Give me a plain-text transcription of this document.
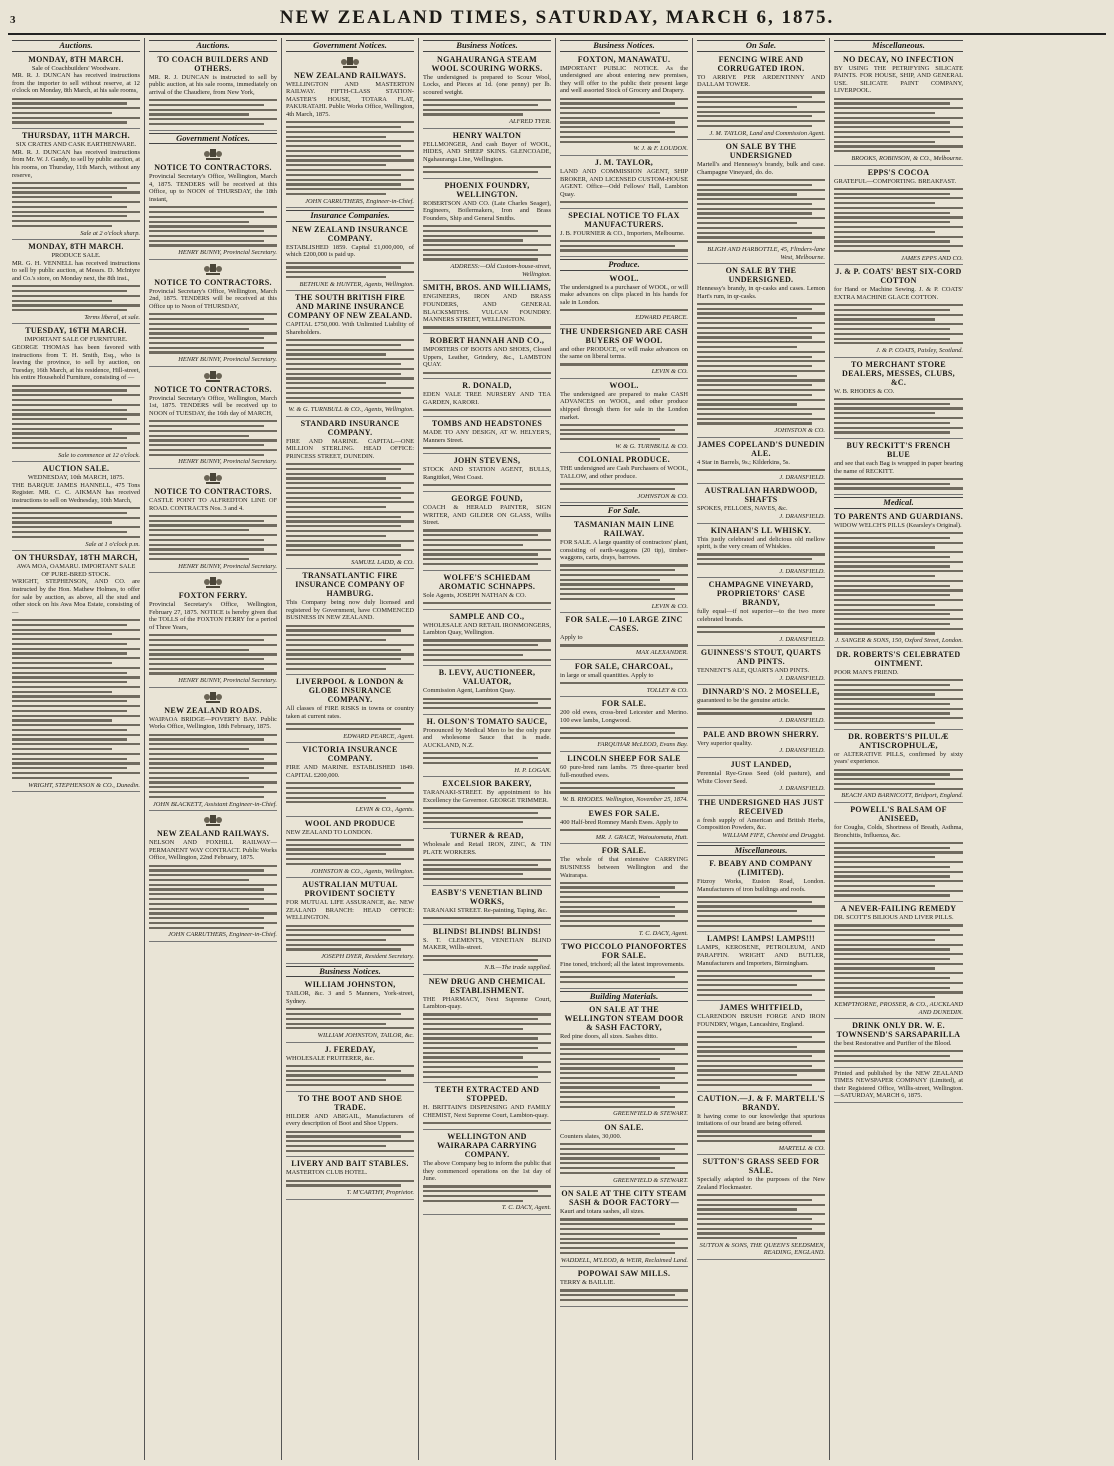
3	NEW ZEALAND TIMES, SATURDAY, MARCH 6, 1875.
Auctions.
MONDAY, 8TH MARCH.
Sale of Coachbuilders' Woodware.
MR. R. J. DUNCAN has received instructions from the importer to sell without reserve, at 12 o'clock on Monday, 8th March, at his sale rooms,
THURSDAY, 11TH MARCH.
SIX CRATES AND CASK EARTHENWARE.
MR. R. J. DUNCAN has received instructions from Mr. W. J. Gandy, to sell by public auction, at his rooms, on Thursday, 11th March, without any reserve,
Sale at 2 o'clock sharp.
MONDAY, 8TH MARCH.
PRODUCE SALE.
MR. G. H. VENNELL has received instructions to sell by public auction, at Messrs. D. McIntyre and Co.'s store, on Monday next, the 8th inst.,
Terms liberal, at sale.
TUESDAY, 16TH MARCH.
IMPORTANT SALE OF FURNITURE.
GEORGE THOMAS has been favored with instructions from T. H. Smith, Esq., who is leaving the province, to sell by auction, on Tuesday, 16th March, at his residence, Hill-street, his entire Household Furniture, consisting of —
Sale to commence at 12 o'clock.
AUCTION SALE.
WEDNESDAY, 10th MARCH, 1875.
THE BARQUE JAMES HANNELL, 475 Tons Register. MR. C. C. AIKMAN has received instructions to sell on Wednesday, 10th March,
Sale at 1 o'clock p.m.
ON THURSDAY, 18TH MARCH,
AWA MOA, OAMARU. IMPORTANT SALE OF PURE-BRED STOCK.
WRIGHT, STEPHENSON, AND CO. are instructed by the Hon. Mathew Holmes, to offer for sale by auction, as above, all the stud and other stock on his Awa Moa Estate, consisting of —
WRIGHT, STEPHENSON & CO., Dunedin.
Auctions.
TO COACH BUILDERS AND OTHERS.
MR. R. J. DUNCAN is instructed to sell by public auction, at his sale rooms, immediately on arrival of the Chaudiere, from New York,
Government Notices.
NOTICE TO CONTRACTORS.
Provincial Secretary's Office, Wellington, March 4, 1875. TENDERS will be received at this Office, up to NOON of THURSDAY, the 18th instant,
HENRY BUNNY, Provincial Secretary.
NOTICE TO CONTRACTORS.
Provincial Secretary's Office, Wellington, March 2nd, 1875. TENDERS will be received at this Office up to Noon of THURSDAY,
HENRY BUNNY, Provincial Secretary.
NOTICE TO CONTRACTORS.
Provincial Secretary's Office, Wellington, March 1st, 1875. TENDERS will be received up to NOON of TUESDAY, the 16th day of MARCH,
HENRY BUNNY, Provincial Secretary.
NOTICE TO CONTRACTORS.
CASTLE POINT TO ALFREDTON LINE OF ROAD. CONTRACTS Nos. 3 and 4.
HENRY BUNNY, Provincial Secretary.
FOXTON FERRY.
Provincial Secretary's Office, Wellington, February 27, 1875. NOTICE is hereby given that the TOLLS of the FOXTON FERRY for a period of Three Years,
HENRY BUNNY, Provincial Secretary.
NEW ZEALAND ROADS.
WAIPAOA BRIDGE—POVERTY BAY. Public Works Office, Wellington, 18th February, 1875.
JOHN BLACKETT, Assistant Engineer-in-Chief.
NEW ZEALAND RAILWAYS.
NELSON AND FOXHILL RAILWAY—PERMANENT WAY CONTRACT. Public Works Office, Wellington, 22nd February, 1875.
JOHN CARRUTHERS, Engineer-in-Chief.
Government Notices.
NEW ZEALAND RAILWAYS.
WELLINGTON AND MASTERTON RAILWAY. FIFTH-CLASS STATION-MASTER'S HOUSE, TOTARA FLAT, PAKURATAHI. Public Works Office, Wellington, 4th March, 1875.
JOHN CARRUTHERS, Engineer-in-Chief.
Insurance Companies.
NEW ZEALAND INSURANCE COMPANY.
ESTABLISHED 1859. Capital £1,000,000, of which £200,000 is paid up.
BETHUNE & HUNTER, Agents, Wellington.
THE SOUTH BRITISH FIRE AND MARINE INSURANCE COMPANY OF NEW ZEALAND.
CAPITAL £750,000. With Unlimited Liability of Shareholders.
W. & G. TURNBULL & CO., Agents, Wellington.
STANDARD INSURANCE COMPANY.
FIRE AND MARINE. CAPITAL—ONE MILLION STERLING. HEAD OFFICE: PRINCESS STREET, DUNEDIN.
SAMUEL LADD, & CO.
TRANSATLANTIC FIRE INSURANCE COMPANY OF HAMBURG.
This Company being now duly licensed and registered by Government, have COMMENCED BUSINESS IN NEW ZEALAND.
LIVERPOOL & LONDON & GLOBE INSURANCE COMPANY.
All classes of FIRE RISKS in towns or country taken at current rates.
EDWARD PEARCE, Agent.
VICTORIA INSURANCE COMPANY.
FIRE AND MARINE. ESTABLISHED 1849. CAPITAL £200,000.
LEVIN & CO., Agents.
WOOL AND PRODUCE
NEW ZEALAND TO LONDON.
JOHNSTON & CO., Agents, Wellington.
AUSTRALIAN MUTUAL PROVIDENT SOCIETY
FOR MUTUAL LIFE ASSURANCE, &c. NEW ZEALAND BRANCH: HEAD OFFICE: WELLINGTON.
JOSEPH DYER, Resident Secretary.
Business Notices.
WILLIAM JOHNSTON,
TAILOR, &c. 3 and 5 Manners, York-street, Sydney.
WILLIAM JOHNSTON, TAILOR, &c.
J. FEREDAY,
WHOLESALE FRUITERER, &c.
TO THE BOOT AND SHOE TRADE.
HILDER AND ABIGAIL, Manufacturers of every description of Boot and Shoe Uppers.
LIVERY AND BAIT STABLES.
MASTERTON CLUB HOTEL.
T. M'CARTHY, Proprietor.
Business Notices.
NGAHAURANGA STEAM WOOL SCOURING WORKS.
The undersigned is prepared to Scour Wool, Locks, and Pieces at 1d. (one penny) per lb. scoured weight.
ALFRED TYER.
HENRY WALTON
FELLMONGER, And cash Buyer of WOOL, HIDES, AND SHEEP SKINS. GLENCOADE, Ngahauranga Line, Wellington.
PHOENIX FOUNDRY, WELLINGTON.
ROBERTSON AND CO. (Late Charles Seager), Engineers, Boilermakers, Iron and Brass Founders, Ship and General Smiths.
ADDRESS:—Old Custom-house-street, Wellington.
SMITH, BROS. AND WILLIAMS,
ENGINEERS, IRON AND BRASS FOUNDERS, AND GENERAL BLACKSMITHS. VULCAN FOUNDRY. MANNERS STREET, WELLINGTON.
ROBERT HANNAH AND CO.,
IMPORTERS OF BOOTS AND SHOES, Closed Uppers, Leather, Grindery, &c., LAMBTON QUAY.
R. DONALD,
EDEN VALE TREE NURSERY AND TEA GARDEN, KARORI.
TOMBS AND HEADSTONES
MADE TO ANY DESIGN, AT W. HELYER'S, Manners Street.
JOHN STEVENS,
STOCK AND STATION AGENT, BULLS, Rangitikei, West Coast.
GEORGE FOUND,
COACH & HERALD PAINTER, SIGN WRITER, AND GILDER ON GLASS, Willis Street.
WOLFE'S SCHIEDAM AROMATIC SCHNAPPS.
Sole Agents, JOSEPH NATHAN & CO.
SAMPLE AND CO.,
WHOLESALE AND RETAIL IRONMONGERS, Lambton Quay, Wellington.
B. LEVY, AUCTIONEER, VALUATOR,
Commission Agent, Lambton Quay.
H. OLSON'S TOMATO SAUCE,
Pronounced by Medical Men to be the only pure and wholesome Sauce that is made. AUCKLAND, N.Z.
H. P. LOGAN.
EXCELSIOR BAKERY,
TARANAKI-STREET. By appointment to his Excellency the Governor. GEORGE TRIMMER.
TURNER & READ,
Wholesale and Retail IRON, ZINC, & TIN PLATE WORKERS.
EASBY'S VENETIAN BLIND WORKS,
TARANAKI STREET. Re-painting, Taping, &c.
BLINDS! BLINDS! BLINDS!
S. T. CLEMENTS, VENETIAN BLIND MAKER, Willis-street.
N.B.—The trade supplied.
NEW DRUG AND CHEMICAL ESTABLISHMENT.
THE PHARMACY, Next Supreme Court, Lambton-quay.
TEETH EXTRACTED AND STOPPED.
H. BRITTAIN'S DISPENSING AND FAMILY CHEMIST, Next Supreme Court, Lambton-quay.
WELLINGTON AND WAIRARAPA CARRYING COMPANY.
The above Company beg to inform the public that they commenced operations on the 1st day of June.
T. C. DACY, Agent.
Business Notices.
FOXTON, MANAWATU.
IMPORTANT PUBLIC NOTICE. As the undersigned are about entering new premises, they will offer to the public their present large and well assorted Stock of Grocery and Drapery.
W. J. & F. LOUDON.
J. M. TAYLOR,
LAND AND COMMISSION AGENT, SHIP BROKER, AND LICENSED CUSTOM-HOUSE AGENT. Office—Odd Fellows' Hall, Lambton Quay.
SPECIAL NOTICE TO FLAX MANUFACTURERS.
J. B. FOURNIER & CO., Importers, Melbourne.
Produce.
WOOL.
The undersigned is a purchaser of WOOL, or will make advances on clips placed in his hands for sale in London.
EDWARD PEARCE.
THE UNDERSIGNED ARE CASH BUYERS OF WOOL
and other PRODUCE, or will make advances on the same on liberal terms.
LEVIN & CO.
WOOL.
The undersigned are prepared to make CASH ADVANCES on WOOL, and other produce shipped through them for sale in the London market.
W. & G. TURNBULL & CO.
COLONIAL PRODUCE.
THE undersigned are Cash Purchasers of WOOL, TALLOW, and other produce.
JOHNSTON & CO.
For Sale.
TASMANIAN MAIN LINE RAILWAY.
FOR SALE. A large quantity of contractors' plant, consisting of earth-waggons (20 tip), timber-waggons, carts, drays, barrows.
LEVIN & CO.
FOR SALE.—10 LARGE ZINC CASES.
Apply to
MAX ALEXANDER.
FOR SALE, CHARCOAL,
in large or small quantities. Apply to
TOLLEY & CO.
FOR SALE.
200 old ewes, cross-bred Leicester and Merino. 100 ewe lambs, Longwood.
FARQUHAR McLEOD, Evans Bay.
LINCOLN SHEEP FOR SALE
60 pure-bred ram lambs. 75 three-quarter bred full-mouthed ewes.
W. B. RHODES. Wellington, November 25, 1874.
EWES FOR SALE.
400 Half-bred Romney Marsh Ewes. Apply to
MR. J. GRACE, Waiouiomata, Hutt.
FOR SALE.
The whole of that extensive CARRYING BUSINESS between Wellington and the Wairarapa.
T. C. DACY, Agent.
TWO PICCOLO PIANOFORTES FOR SALE.
Fine toned, trichord; all the latest improvements.
Building Materials.
ON SALE AT THE WELLINGTON STEAM DOOR & SASH FACTORY,
Red pine doors, all sizes. Sashes ditto.
GREENFIELD & STEWART.
ON SALE.
Counters slates, 30,000.
GREENFIELD & STEWART.
ON SALE AT THE CITY STEAM SASH & DOOR FACTORY—
Kauri and totara sashes, all sizes.
WADDELL, M'LEOD, & WEIR, Reclaimed Land.
POPOWAI SAW MILLS.
TERRY & BAILLIE.
On Sale.
FENCING WIRE AND CORRUGATED IRON.
TO ARRIVE PER ARDENTINNY AND DALLAM TOWER.
J. M. TAYLOR, Land and Commission Agent.
ON SALE BY THE UNDERSIGNED
Martell's and Hennessy's brandy, bulk and case. Champagne Vineyard, do. do.
BLIGH AND HARBOTTLE, 45, Flinders-lane West, Melbourne.
ON SALE BY THE UNDERSIGNED.
Hennessy's brandy, in qr-casks and cases. Lemon Hart's rum, in qr-casks.
JOHNSTON & CO.
JAMES COPELAND'S DUNEDIN ALE.
4 Star in Barrels, 9s.; Kilderkins, 5s.
J. DRANSFIELD.
AUSTRALIAN HARDWOOD, SHAFTS
SPOKES, FELLOES, NAVES, &c.
J. DRANSFIELD.
KINAHAN'S LL WHISKY.
This justly celebrated and delicious old mellow spirit, is the very cream of Whiskies.
J. DRANSFIELD.
CHAMPAGNE VINEYARD, PROPRIETORS' CASE BRANDY,
fully equal—if not superior—to the two more celebrated brands.
J. DRANSFIELD.
GUINNESS'S STOUT, QUARTS AND PINTS.
TENNENT'S ALE, QUARTS AND PINTS.
J. DRANSFIELD.
DINNARD'S NO. 2 MOSELLE,
guaranteed to be the genuine article.
J. DRANSFIELD.
PALE AND BROWN SHERRY.
Very superior quality.
J. DRANSFIELD.
JUST LANDED,
Perennial Rye-Grass Seed (old pasture), and White Clover Seed.
J. DRANSFIELD.
THE UNDERSIGNED HAS JUST RECEIVED
a fresh supply of American and British Herbs, Composition Powders, &c.
WILLIAM FIFE, Chemist and Druggist.
Miscellaneous.
F. BEABY AND COMPANY (LIMITED).
Fitzroy Works, Euston Road, London. Manufacturers of iron buildings and roofs.
LAMPS! LAMPS! LAMPS!!!
LAMPS, KEROSENE, PETROLEUM, AND PARAFFIN. WRIGHT AND BUTLER, Manufacturers and Importers, Birmingham.
JAMES WHITFIELD,
CLARENDON BRUSH FORGE AND IRON FOUNDRY, Wigan, Lancashire, England.
CAUTION.—J. & F. MARTELL'S BRANDY.
It having come to our knowledge that spurious imitations of our brand are being offered.
MARTELL & CO.
SUTTON'S GRASS SEED FOR SALE.
Specially adapted to the purposes of the New Zealand Flockmaster.
SUTTON & SONS, THE QUEEN'S SEEDSMEN, READING, ENGLAND.
Miscellaneous.
NO DECAY, NO INFECTION
BY USING THE PETRIFYING SILICATE PAINTS. FOR HOUSE, SHIP, AND GENERAL USE. SILICATE PAINT COMPANY, LIVERPOOL.
BROOKS, ROBINSON, & CO., Melbourne.
EPPS'S COCOA
GRATEFUL—COMFORTING. BREAKFAST.
JAMES EPPS AND CO.
J. & P. COATS' BEST SIX-CORD COTTON
for Hand or Machine Sewing. J. & P. COATS' EXTRA MACHINE GLACE COTTON.
J. & P. COATS, Paisley, Scotland.
TO MERCHANT STORE DEALERS, MESSES, CLUBS, &C.
W. B. RHODES & CO.
BUY RECKITT'S FRENCH BLUE
and see that each Bag is wrapped in paper bearing the name of RECKITT.
Medical.
TO PARENTS AND GUARDIANS.
WIDOW WELCH'S PILLS (Kearsley's Original).
J. SANGER & SONS, 150, Oxford Street, London.
DR. ROBERTS'S CELEBRATED OINTMENT.
POOR MAN'S FRIEND.
DR. ROBERTS'S PILULÆ ANTISCROPHULÆ,
or ALTERATIVE PILLS, confirmed by sixty years' experience.
BEACH AND BARNICOTT, Bridport, England.
POWELL'S BALSAM OF ANISEED,
for Coughs, Colds, Shortness of Breath, Asthma, Bronchitis, Influenza, &c.
A NEVER-FAILING REMEDY
DR. SCOTT'S BILIOUS AND LIVER PILLS.
KEMPTHORNE, PROSSER, & CO., AUCKLAND AND DUNEDIN.
DRINK ONLY DR. W. E. TOWNSEND'S SARSAPARILLA
the best Restorative and Purifier of the Blood.
Printed and published by the NEW ZEALAND TIMES NEWSPAPER COMPANY (Limited), at their Registered Office, Willis-street, Wellington.—SATURDAY, MARCH 6, 1875.
